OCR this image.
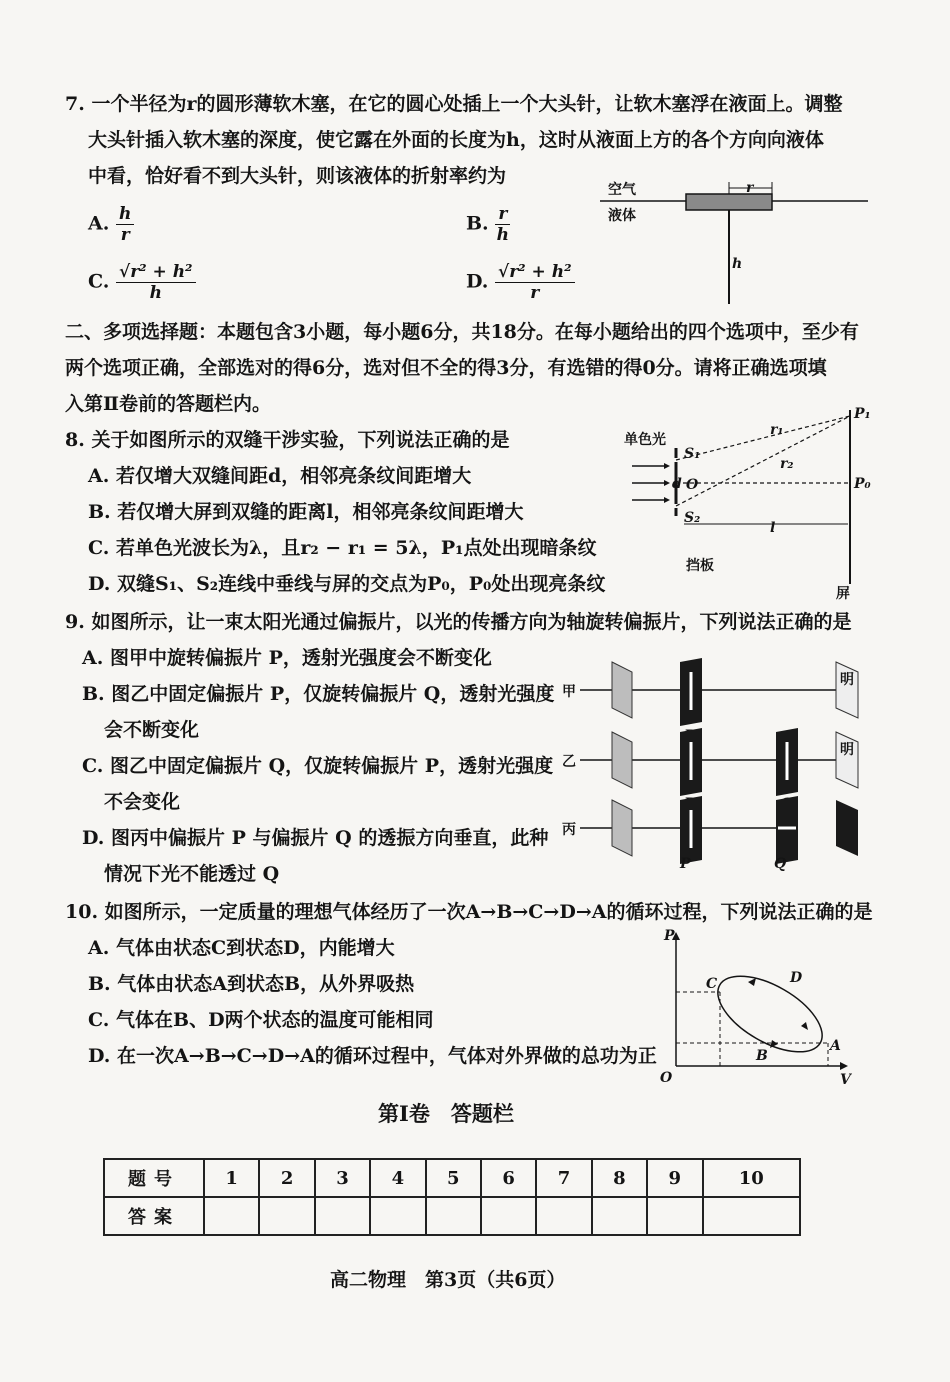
7. 一个半径为r的圆形薄软木塞，在它的圆心处插上一个大头针，让软木塞浮在液面上。调整
大头针插入软木塞的深度，使它露在外面的长度为h，这时从液面上方的各个方向向液体
中看，恰好看不到大头针，则该液体的折射率约为
A. $\frac{h}{r}$	B. $\frac{r}{h}$
C. $\frac{\text{√r² + h²}}{h}$	D. $\frac{\text{√r² + h²}}{r}$
空气
液体
r
h
二、多项选择题：本题包含3小题，每小题6分，共18分。在每小题给出的四个选项中，至少有
两个选项正确，全部选对的得6分，选对但不全的得3分，有选错的得0分。请将正确选项填
入第Ⅱ卷前的答题栏内。
8. 关于如图所示的双缝干涉实验，下列说法正确的是
A. 若仅增大双缝间距d，相邻亮条纹间距增大
B. 若仅增大屏到双缝的距离l，相邻亮条纹间距增大
C. 若单色光波长为λ，且r₂ − r₁ = 5λ，P₁点处出现暗条纹
D. 双缝S₁、S₂连线中垂线与屏的交点为P₀，P₀处出现亮条纹
单色光
S₁
S₂
d O
r₁
r₂
P₁
P₀
l
挡板
屏
9. 如图所示，让一束太阳光通过偏振片，以光的传播方向为轴旋转偏振片，下列说法正确的是
A. 图甲中旋转偏振片 P，透射光强度会不断变化
B. 图乙中固定偏振片 P，仅旋转偏振片 Q，透射光强度
会不断变化
C. 图乙中固定偏振片 Q，仅旋转偏振片 P，透射光强度
不会变化
D. 图丙中偏振片 P 与偏振片 Q 的透振方向垂直，此种
情况下光不能透过 Q
甲
明
乙
明
丙
P	Q
10. 如图所示，一定质量的理想气体经历了一次A→B→C→D→A的循环过程，下列说法正确的是
A. 气体由状态C到状态D，内能增大
B. 气体由状态A到状态B，从外界吸热
C. 气体在B、D两个状态的温度可能相同
D. 在一次A→B→C→D→A的循环过程中，气体对外界做的总功为正
P
V
O
A
B
C	D
第Ⅰ卷　答题栏
题号	1	2	3	4	5	6	7	8	9	10
答案										
高二物理　第3页（共6页）
